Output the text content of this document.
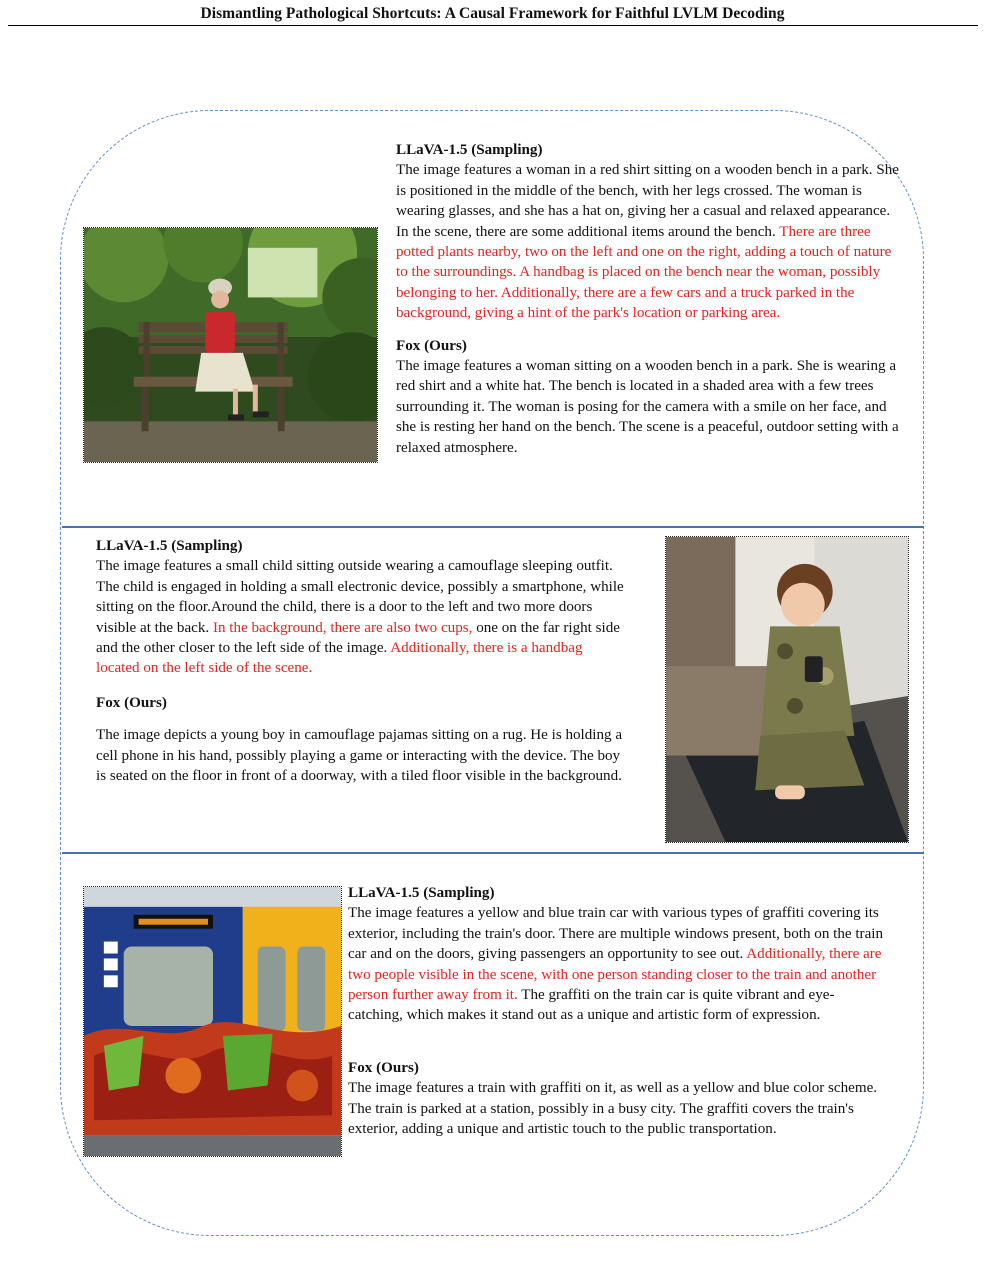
Dismantling Pathological Shortcuts: A Causal Framework for Faithful LVLM Decoding

LLaVA-1.5 (Sampling)

The image features a woman in a red shirt sitting on a wooden bench in a park. She is positioned in the middle of the bench, with her legs crossed. The woman is wearing glasses, and she has a hat on, giving her a casual and relaxed appearance. In the scene, there are some additional items around the bench. There are three potted plants nearby, two on the left and one on the right, adding a touch of nature to the surroundings. A handbag is placed on the bench near the woman, possibly belonging to her. Additionally, there are a few cars and a truck parked in the background, giving a hint of the park's location or parking area.

Fox (Ours)

The image features a woman sitting on a wooden bench in a park. She is wearing a red shirt and a white hat. The bench is located in a shaded area with a few trees surrounding it. The woman is posing for the camera with a smile on her face, and she is resting her hand on the bench. The scene is a peaceful, outdoor setting with a relaxed atmosphere.

LLaVA-1.5 (Sampling)

The image features a small child sitting outside wearing a camouflage sleeping outfit. The child is engaged in holding a small electronic device, possibly a smartphone, while sitting on the floor.Around the child, there is a door to the left and two more doors visible at the back. In the background, there are also two cups, one on the far right side and the other closer to the left side of the image. Additionally, there is a handbag located on the left side of the scene.

Fox (Ours)

The image depicts a young boy in camouflage pajamas sitting on a rug. He is holding a cell phone in his hand, possibly playing a game or interacting with the device. The boy is seated on the floor in front of a doorway, with a tiled floor visible in the background.

LLaVA-1.5 (Sampling)

The image features a yellow and blue train car with various types of graffiti covering its exterior, including the train's door. There are multiple windows present, both on the train car and on the doors, giving passengers an opportunity to see out. Additionally, there are two people visible in the scene, with one person standing closer to the train and another person further away from it. The graffiti on the train car is quite vibrant and eye-catching, which makes it stand out as a unique and artistic form of expression.

Fox (Ours)

The image features a train with graffiti on it, as well as a yellow and blue color scheme. The train is parked at a station, possibly in a busy city. The graffiti covers the train's exterior, adding a unique and artistic touch to the public transportation.
